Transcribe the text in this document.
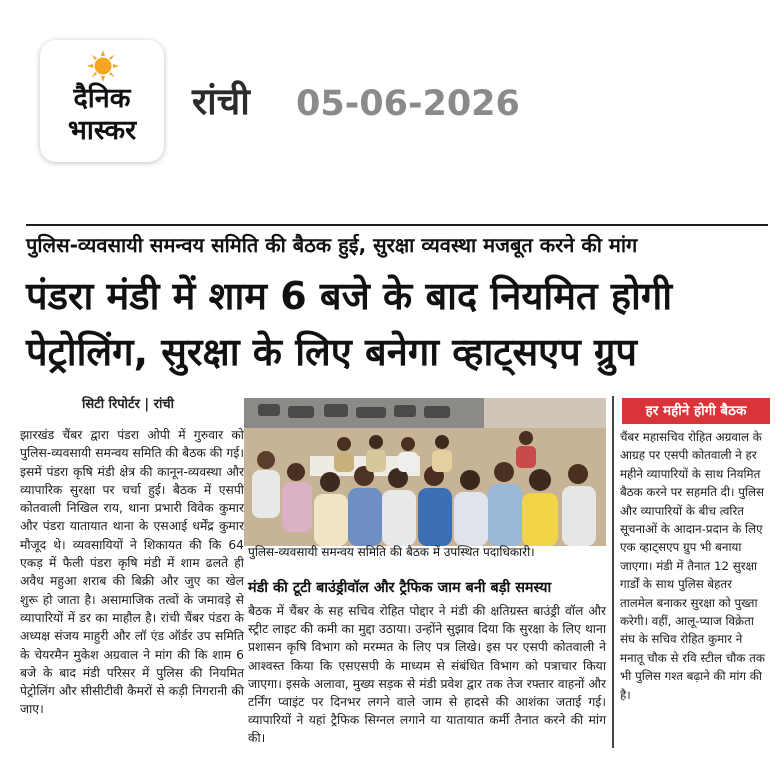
दैनिक
भास्कर
रांची 05-06-2026
पुलिस-व्यवसायी समन्वय समिति की बैठक हुई, सुरक्षा व्यवस्था मजबूत करने की मांग
पंडरा मंडी में शाम 6 बजे के बाद नियमित होगी पेट्रोलिंग, सुरक्षा के लिए बनेगा व्हाट्सएप ग्रुप
सिटी रिपोर्टर | रांची
झारखंड चैंबर द्वारा पंडरा ओपी में गुरुवार को पुलिस-व्यवसायी समन्वय समिति की बैठक की गई। इसमें पंडरा कृषि मंडी क्षेत्र की कानून-व्यवस्था और व्यापारिक सुरक्षा पर चर्चा हुई। बैठक में एसपी कोतवाली निखिल राय, थाना प्रभारी विवेक कुमार और पंडरा यातायात थाना के एसआई धर्मेंद्र कुमार मौजूद थे। व्यवसायियों ने शिकायत की कि 64 एकड़ में फैली पंडरा कृषि मंडी में शाम ढलते ही अवैध महुआ शराब की बिक्री और जुए का खेल शुरू हो जाता है। असामाजिक तत्वों के जमावड़े से व्यापारियों में डर का माहौल है। रांची चैंबर पंडरा के अध्यक्ष संजय माहुरी और लॉ एंड ऑर्डर उप समिति के चेयरमैन मुकेश अग्रवाल ने मांग की कि शाम 6 बजे के बाद मंडी परिसर में पुलिस की नियमित पेट्रोलिंग और सीसीटीवी कैमरों से कड़ी निगरानी की जाए।
पुलिस-व्यवसायी समन्वय समिति की बैठक में उपस्थित पदाधिकारी।
मंडी की टूटी बाउंड्रीवॉल और ट्रैफिक जाम बनी बड़ी समस्या
बैठक में चैंबर के सह सचिव रोहित पोद्दार ने मंडी की क्षतिग्रस्त बाउंड्री वॉल और स्ट्रीट लाइट की कमी का मुद्दा उठाया। उन्होंने सुझाव दिया कि सुरक्षा के लिए थाना प्रशासन कृषि विभाग को मरम्मत के लिए पत्र लिखे। इस पर एसपी कोतवाली ने आश्वस्त किया कि एसएसपी के माध्यम से संबंधित विभाग को पत्राचार किया जाएगा। इसके अलावा, मुख्य सड़क से मंडी प्रवेश द्वार तक तेज रफ्तार वाहनों और टर्निंग प्वाइंट पर दिनभर लगने वाले जाम से हादसे की आशंका जताई गई। व्यापारियों ने यहां ट्रैफिक सिग्नल लगाने या यातायात कर्मी तैनात करने की मांग की।
हर महीने होगी बैठक
चैंबर महासचिव रोहित अग्रवाल के आग्रह पर एसपी कोतवाली ने हर महीने व्यापारियों के साथ नियमित बैठक करने पर सहमति दी। पुलिस और व्यापारियों के बीच त्वरित सूचनाओं के आदान-प्रदान के लिए एक व्हाट्सएप ग्रुप भी बनाया जाएगा। मंडी में तैनात 12 सुरक्षा गार्डों के साथ पुलिस बेहतर तालमेल बनाकर सुरक्षा को पुख्ता करेगी। वहीं, आलू-प्याज विक्रेता संघ के सचिव रोहित कुमार ने मनातू चौक से रवि स्टील चौक तक भी पुलिस गश्त बढ़ाने की मांग की है।
